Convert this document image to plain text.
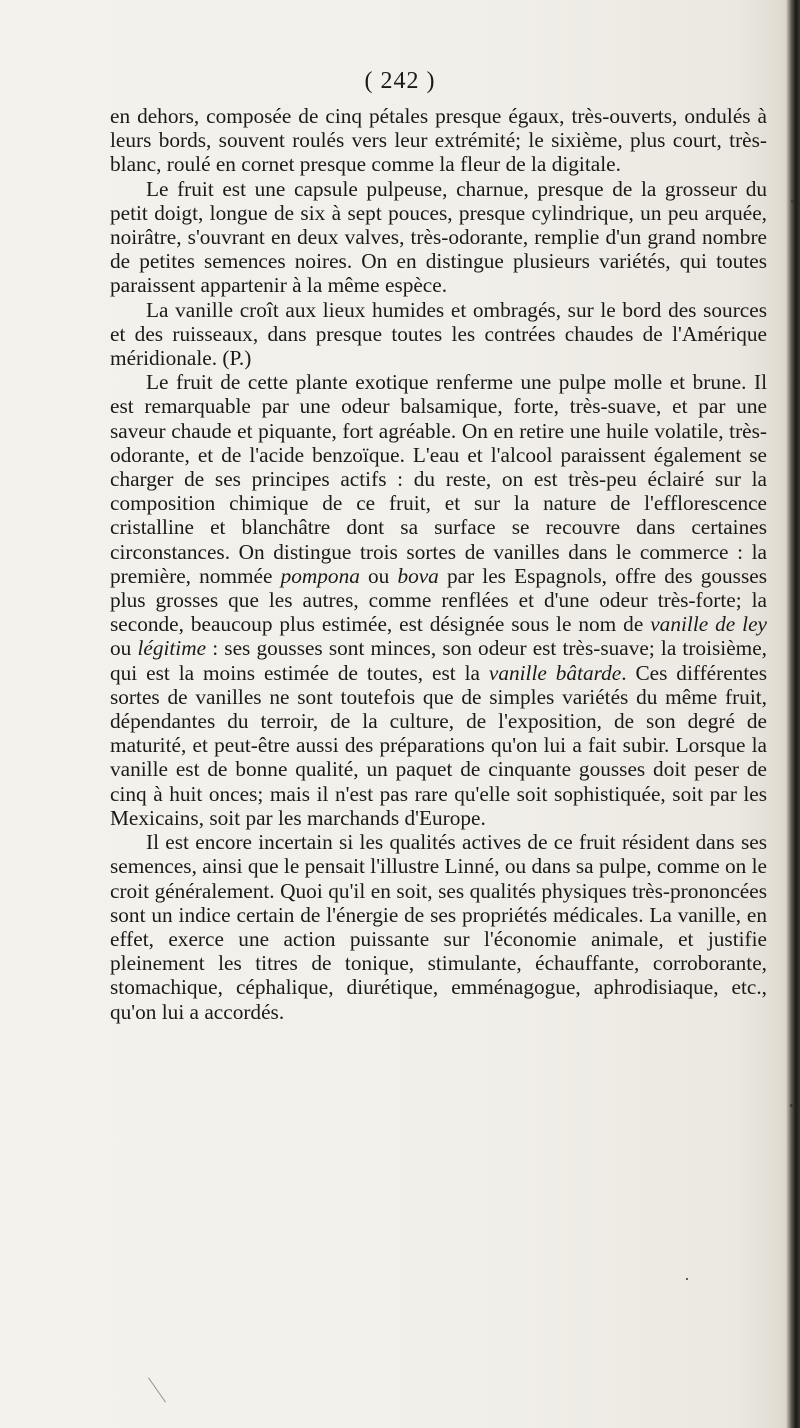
( 242 )

en dehors, composée de cinq pétales presque égaux, très-ouverts, ondulés à leurs bords, souvent roulés vers leur extrémité; le sixième, plus court, très-blanc, roulé en cornet presque comme la fleur de la digitale.

Le fruit est une capsule pulpeuse, charnue, presque de la grosseur du petit doigt, longue de six à sept pouces, presque cylindrique, un peu arquée, noirâtre, s'ouvrant en deux valves, très-odorante, remplie d'un grand nombre de petites semences noires. On en distingue plusieurs variétés, qui toutes paraissent appartenir à la même espèce.

La vanille croît aux lieux humides et ombragés, sur le bord des sources et des ruisseaux, dans presque toutes les contrées chaudes de l'Amérique méridionale. (P.)

Le fruit de cette plante exotique renferme une pulpe molle et brune. Il est remarquable par une odeur balsamique, forte, très-suave, et par une saveur chaude et piquante, fort agréable. On en retire une huile volatile, très-odorante, et de l'acide benzoïque. L'eau et l'alcool paraissent également se charger de ses principes actifs : du reste, on est très-peu éclairé sur la composition chimique de ce fruit, et sur la nature de l'efflorescence cristalline et blanchâtre dont sa surface se recouvre dans certaines circonstances. On distingue trois sortes de vanilles dans le commerce : la première, nommée pompona ou bova par les Espagnols, offre des gousses plus grosses que les autres, comme renflées et d'une odeur très-forte; la seconde, beaucoup plus estimée, est désignée sous le nom de vanille de ley ou légitime : ses gousses sont minces, son odeur est très-suave; la troisième, qui est la moins estimée de toutes, est la vanille bâtarde. Ces différentes sortes de vanilles ne sont toutefois que de simples variétés du même fruit, dépendantes du terroir, de la culture, de l'exposition, de son degré de maturité, et peut-être aussi des préparations qu'on lui a fait subir. Lorsque la vanille est de bonne qualité, un paquet de cinquante gousses doit peser de cinq à huit onces; mais il n'est pas rare qu'elle soit sophistiquée, soit par les Mexicains, soit par les marchands d'Europe.

Il est encore incertain si les qualités actives de ce fruit résident dans ses semences, ainsi que le pensait l'illustre Linné, ou dans sa pulpe, comme on le croit généralement. Quoi qu'il en soit, ses qualités physiques très-prononcées sont un indice certain de l'énergie de ses propriétés médicales. La vanille, en effet, exerce une action puissante sur l'économie animale, et justifie pleinement les titres de tonique, stimulante, échauffante, corroborante, stomachique, céphalique, diurétique, emménagogue, aphrodisiaque, etc., qu'on lui a accordés.
